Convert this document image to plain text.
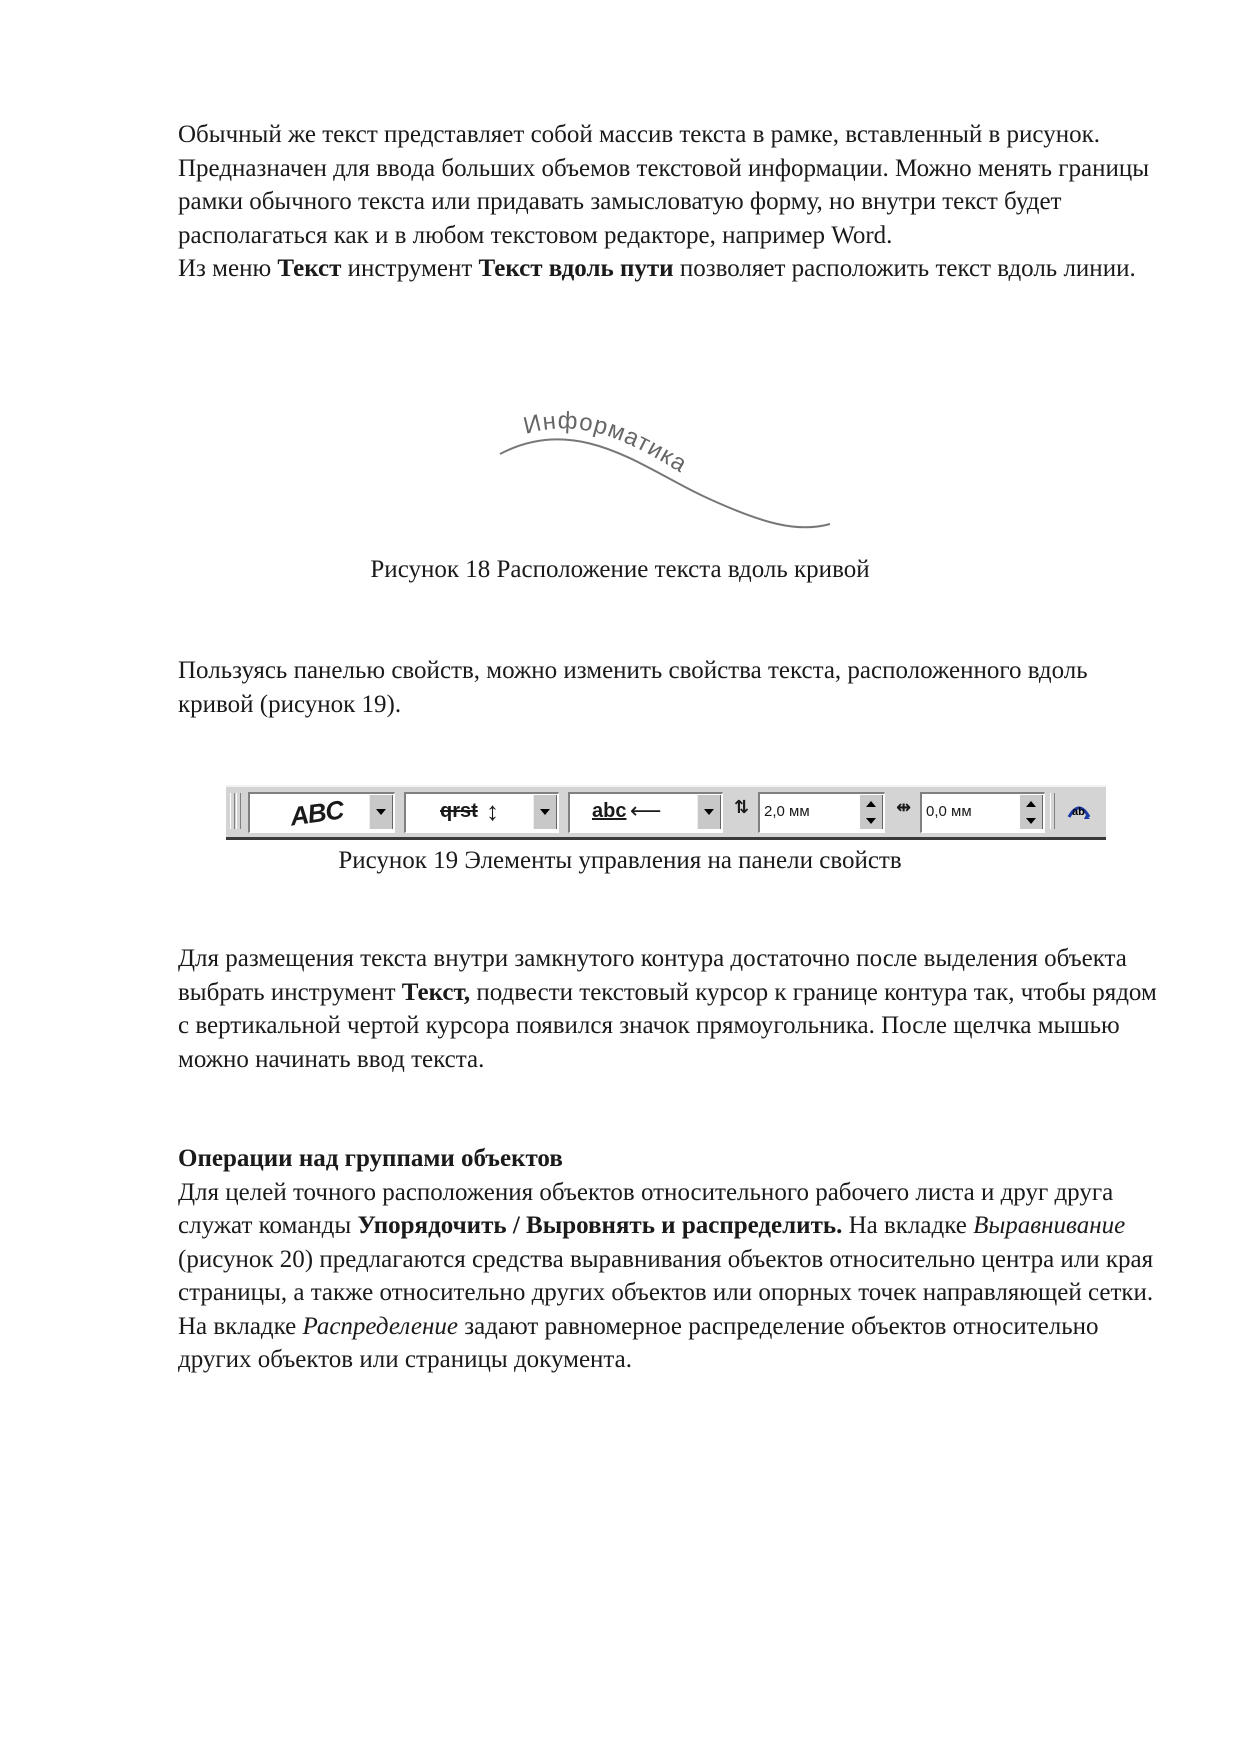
Обычный же текст представляет собой массив текста в рамке, вставленный в рисунок. Предназначен для ввода больших объемов текстовой информации. Можно менять границы рамки обычного текста или придавать замысловатую форму, но внутри текст будет располагаться как и в любом текстовом редакторе, например Word.
Из меню Текст инструмент Текст вдоль пути позволяет расположить текст вдоль линии.
Информатика
Рисунок 18 Расположение текста вдоль кривой
Пользуясь панелью свойств, можно изменить свойства текста, расположенного вдоль кривой (рисунок 19).
ABC	qrst ↕	abc ⟵	⇅ 2,0 мм	⇹ 0,0 мм	ab
Рисунок 19 Элементы управления на панели свойств
Для размещения текста внутри замкнутого контура достаточно после выделения объекта выбрать инструмент Текст, подвести текстовый курсор к границе контура так, чтобы рядом с вертикальной чертой курсора появился значок прямоугольника. После щелчка мышью можно начинать ввод текста.
Операции над группами объектов
Для целей точного расположения объектов относительного рабочего листа и друг друга служат команды Упорядочить / Выровнять и распределить. На вкладке Выравнивание (рисунок 20) предлагаются средства выравнивания объектов относительно центра или края страницы, а также относительно других объектов или опорных точек направляющей сетки. На вкладке Распределение задают равномерное распределение объектов относительно других объектов или страницы документа.
